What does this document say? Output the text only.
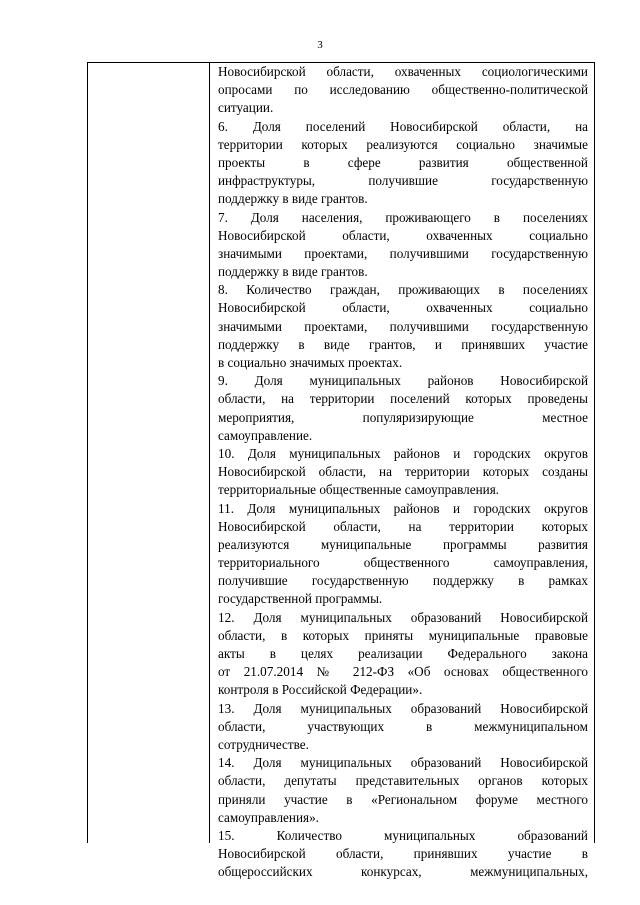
3
Новосибирской области, охваченных социологическими
опросами по исследованию общественно-политической
ситуации.
6. Доля поселений Новосибирской области, на
территории которых реализуются социально значимые
проекты в сфере развития общественной
инфраструктуры, получившие государственную
поддержку в виде грантов.
7. Доля населения, проживающего в поселениях
Новосибирской области, охваченных социально
значимыми проектами, получившими государственную
поддержку в виде грантов.
8. Количество граждан, проживающих в поселениях
Новосибирской области, охваченных социально
значимыми проектами, получившими государственную
поддержку в виде грантов, и принявших участие
в социально значимых проектах.
9. Доля муниципальных районов Новосибирской
области, на территории поселений которых проведены
мероприятия, популяризирующие местное
самоуправление.
10. Доля муниципальных районов и городских округов
Новосибирской области, на территории которых созданы
территориальные общественные самоуправления.
11. Доля муниципальных районов и городских округов
Новосибирской области, на территории которых
реализуются муниципальные программы развития
территориального общественного самоуправления,
получившие государственную поддержку в рамках
государственной программы.
12. Доля муниципальных образований Новосибирской
области, в которых приняты муниципальные правовые
акты в целях реализации Федерального закона
от 21.07.2014 № 212-ФЗ «Об основах общественного
контроля в Российской Федерации».
13. Доля муниципальных образований Новосибирской
области, участвующих в межмуниципальном
сотрудничестве.
14. Доля муниципальных образований Новосибирской
области, депутаты представительных органов которых
приняли участие в «Региональном форуме местного
самоуправления».
15. Количество муниципальных образований
Новосибирской области, принявших участие в
общероссийских конкурсах, межмуниципальных,
